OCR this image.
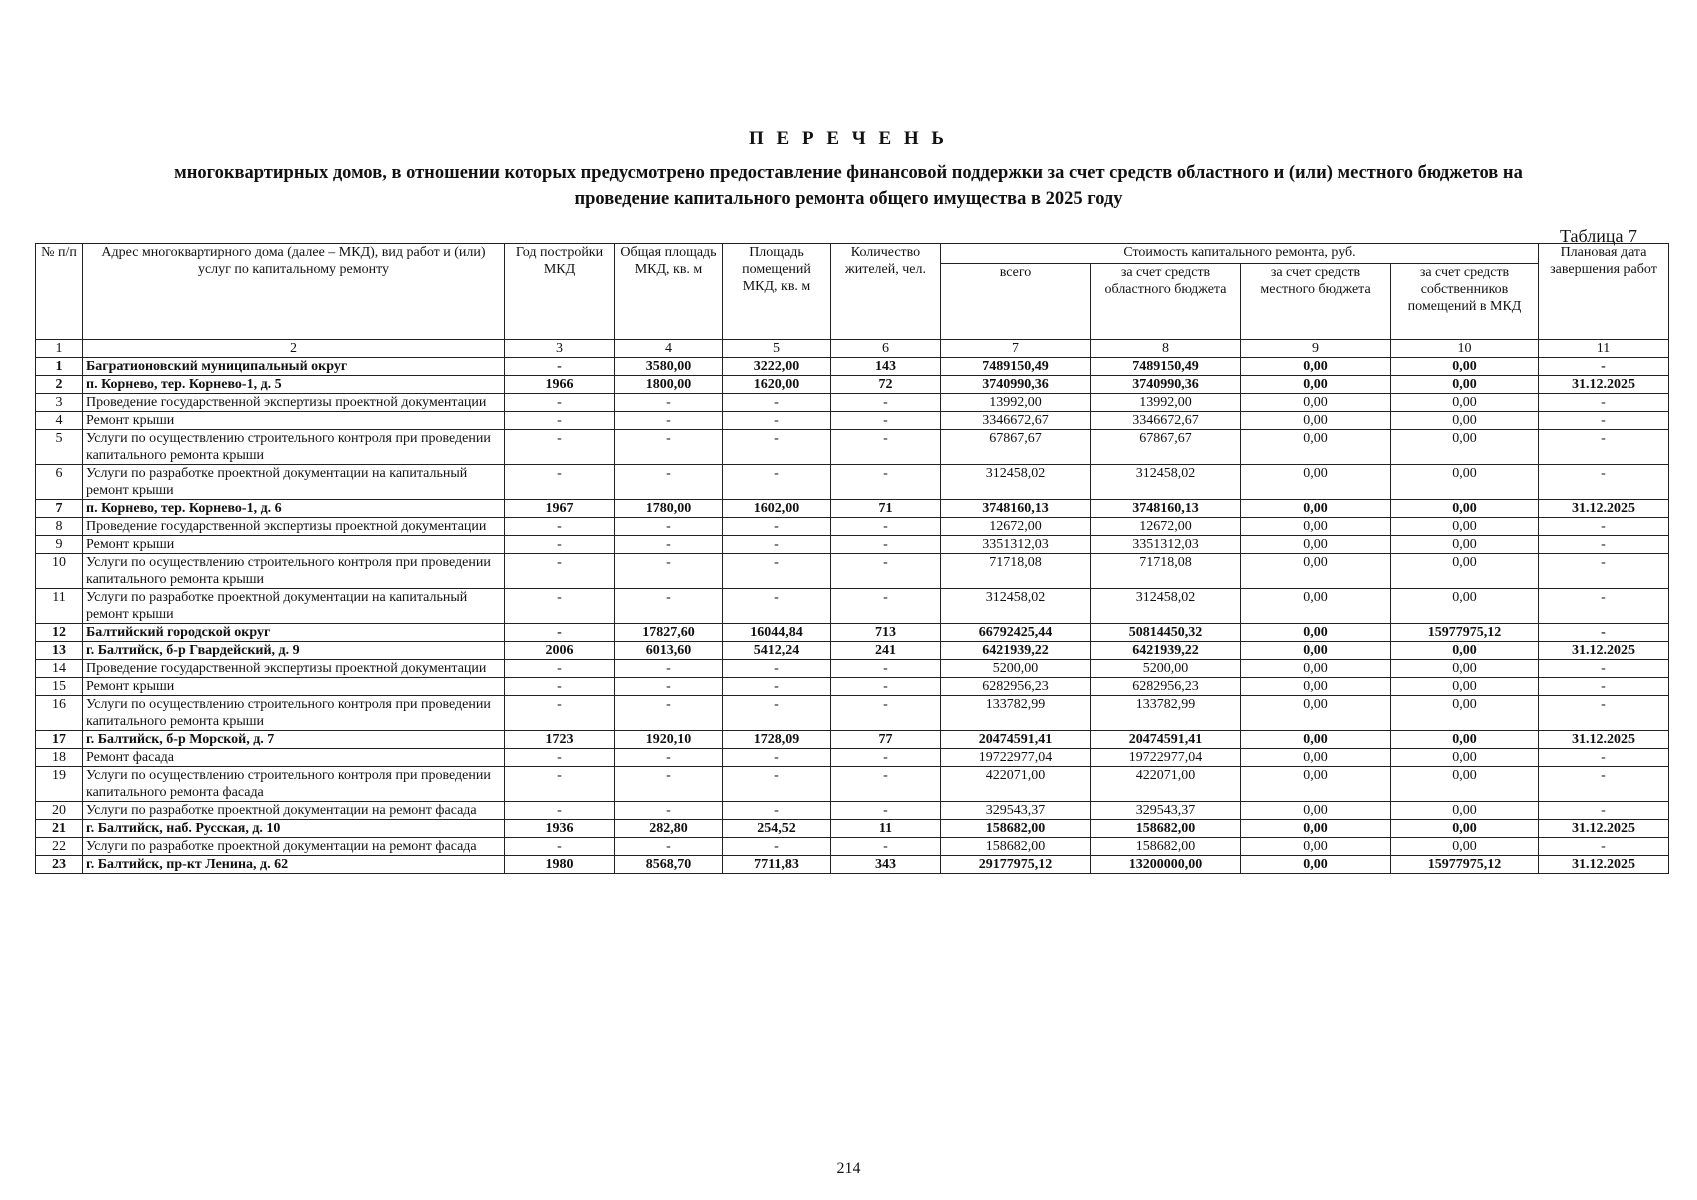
П Е Р Е Ч Е Н Ь
многоквартирных домов, в отношении которых предусмотрено предоставление финансовой поддержки за счет средств областного и (или) местного бюджетов на проведение капитального ремонта общего имущества в 2025 году
Таблица 7
№ п/п	Адрес многоквартирного дома (далее – МКД), вид работ и (или) услуг по капитальному ремонту	Год постройки МКД	Общая площадь МКД, кв. м	Площадь помещений МКД, кв. м	Количество жителей, чел.	Стоимость капитального ремонта, руб.				Плановая дата завершения работ
						всего	за счет средств областного бюджета	за счет средств местного бюджета	за счет средств собственников помещений в МКД	
1	2	3	4	5	6	7	8	9	10	11
1	Багратионовский муниципальный округ	-	3580,00	3222,00	143	7489150,49	7489150,49	0,00	0,00	-
2	п. Корнево, тер. Корнево-1, д. 5	1966	1800,00	1620,00	72	3740990,36	3740990,36	0,00	0,00	31.12.2025
3	Проведение государственной экспертизы проектной документации	-	-	-	-	13992,00	13992,00	0,00	0,00	-
4	Ремонт крыши	-	-	-	-	3346672,67	3346672,67	0,00	0,00	-
5	Услуги по осуществлению строительного контроля при проведении капитального ремонта крыши	-	-	-	-	67867,67	67867,67	0,00	0,00	-
6	Услуги по разработке проектной документации на капитальный ремонт крыши	-	-	-	-	312458,02	312458,02	0,00	0,00	-
7	п. Корнево, тер. Корнево-1, д. 6	1967	1780,00	1602,00	71	3748160,13	3748160,13	0,00	0,00	31.12.2025
8	Проведение государственной экспертизы проектной документации	-	-	-	-	12672,00	12672,00	0,00	0,00	-
9	Ремонт крыши	-	-	-	-	3351312,03	3351312,03	0,00	0,00	-
10	Услуги по осуществлению строительного контроля при проведении капитального ремонта крыши	-	-	-	-	71718,08	71718,08	0,00	0,00	-
11	Услуги по разработке проектной документации на капитальный ремонт крыши	-	-	-	-	312458,02	312458,02	0,00	0,00	-
12	Балтийский городской округ	-	17827,60	16044,84	713	66792425,44	50814450,32	0,00	15977975,12	-
13	г. Балтийск, б-р Гвардейский, д. 9	2006	6013,60	5412,24	241	6421939,22	6421939,22	0,00	0,00	31.12.2025
14	Проведение государственной экспертизы проектной документации	-	-	-	-	5200,00	5200,00	0,00	0,00	-
15	Ремонт крыши	-	-	-	-	6282956,23	6282956,23	0,00	0,00	-
16	Услуги по осуществлению строительного контроля при проведении капитального ремонта крыши	-	-	-	-	133782,99	133782,99	0,00	0,00	-
17	г. Балтийск, б-р Морской, д. 7	1723	1920,10	1728,09	77	20474591,41	20474591,41	0,00	0,00	31.12.2025
18	Ремонт фасада	-	-	-	-	19722977,04	19722977,04	0,00	0,00	-
19	Услуги по осуществлению строительного контроля при проведении капитального ремонта фасада	-	-	-	-	422071,00	422071,00	0,00	0,00	-
20	Услуги по разработке проектной документации на ремонт фасада	-	-	-	-	329543,37	329543,37	0,00	0,00	-
21	г. Балтийск, наб. Русская, д. 10	1936	282,80	254,52	11	158682,00	158682,00	0,00	0,00	31.12.2025
22	Услуги по разработке проектной документации на ремонт фасада	-	-	-	-	158682,00	158682,00	0,00	0,00	-
23	г. Балтийск, пр-кт Ленина, д. 62	1980	8568,70	7711,83	343	29177975,12	13200000,00	0,00	15977975,12	31.12.2025
214
